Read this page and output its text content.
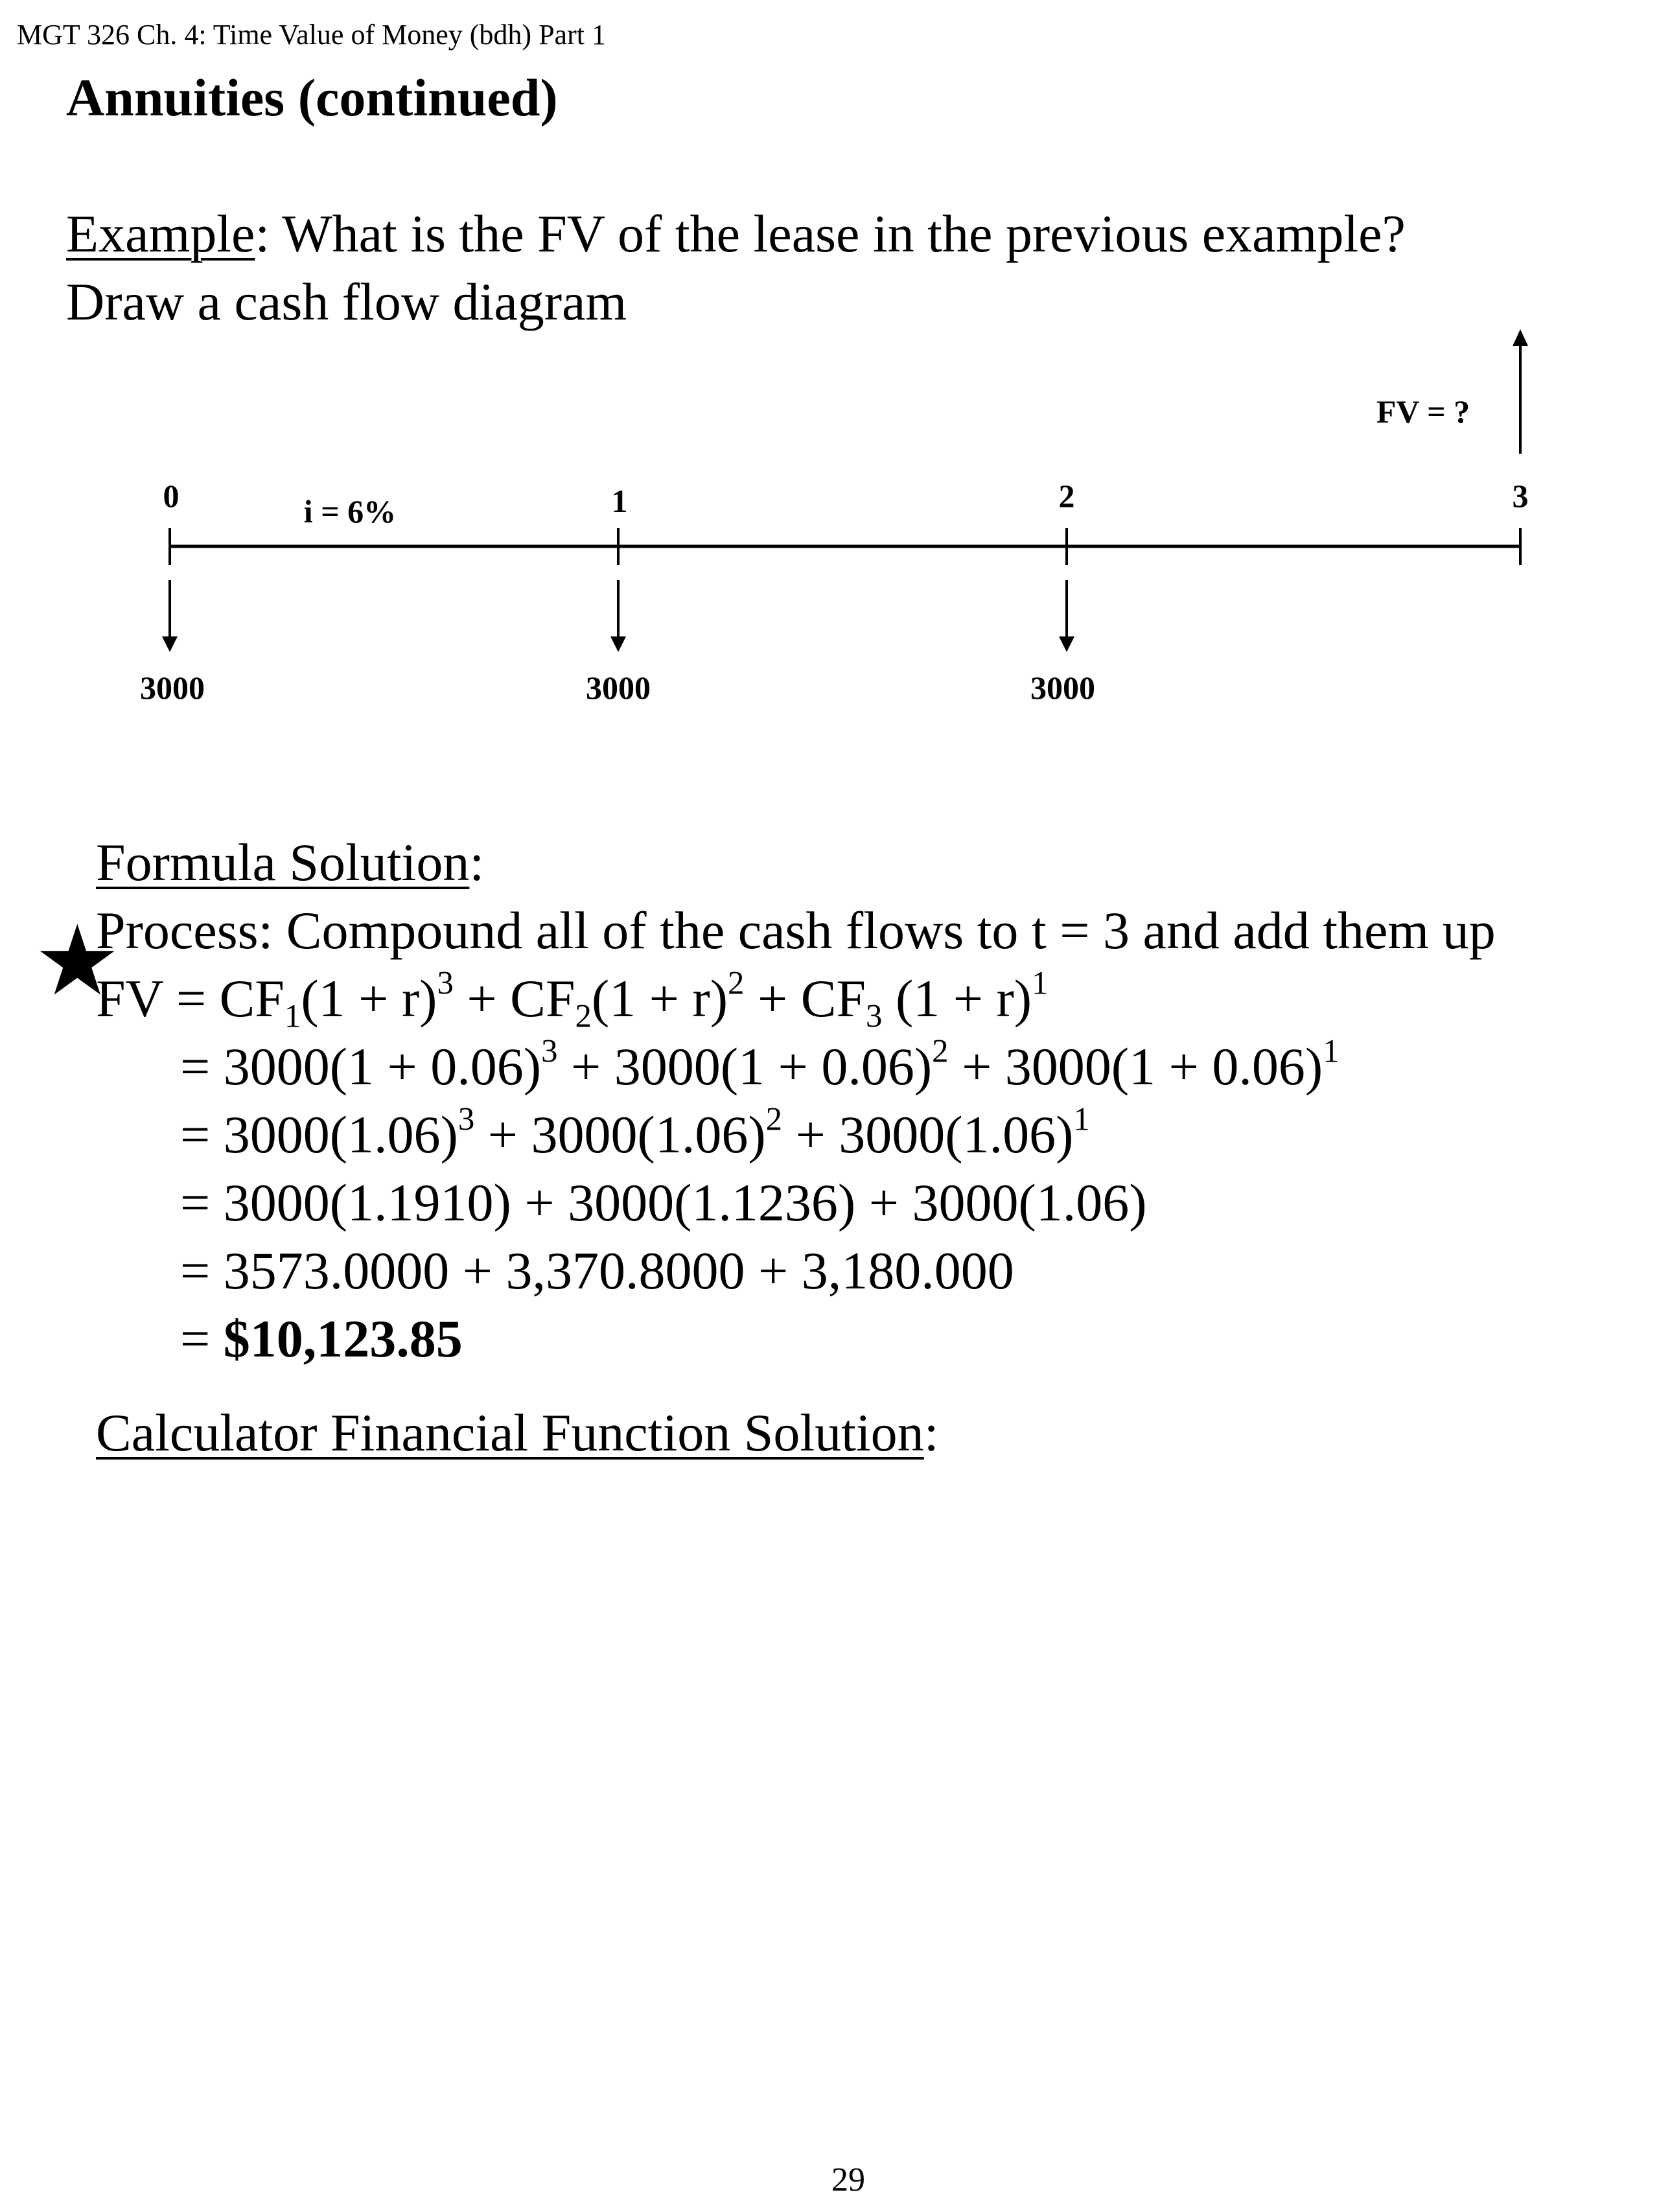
MGT 326 Ch. 4: Time Value of Money (bdh) Part 1
Annuities (continued)
Example: What is the FV of the lease in the previous example?
Draw a cash flow diagram
0	1	2	3
i = 6%
3000	3000	3000
FV = ?
Formula Solution:
★
Process: Compound all of the cash flows to t = 3 and add them up
FV = $CF_1(1 + r)^3 + CF_2(1 + r)^2 + CF_3$ $(1 + r)^1$
= $3000(1 + 0.06)^3 + 3000(1 + 0.06)^2 + 3000(1 + 0.06)^1$
= $3000(1.06)^3 + 3000(1.06)^2 + 3000(1.06)^1$
= 3000(1.1910) + 3000(1.1236) + 3000(1.06)
= 3573.0000 + 3,370.8000 + 3,180.000
= $10,123.85
Calculator Financial Function Solution:
29
